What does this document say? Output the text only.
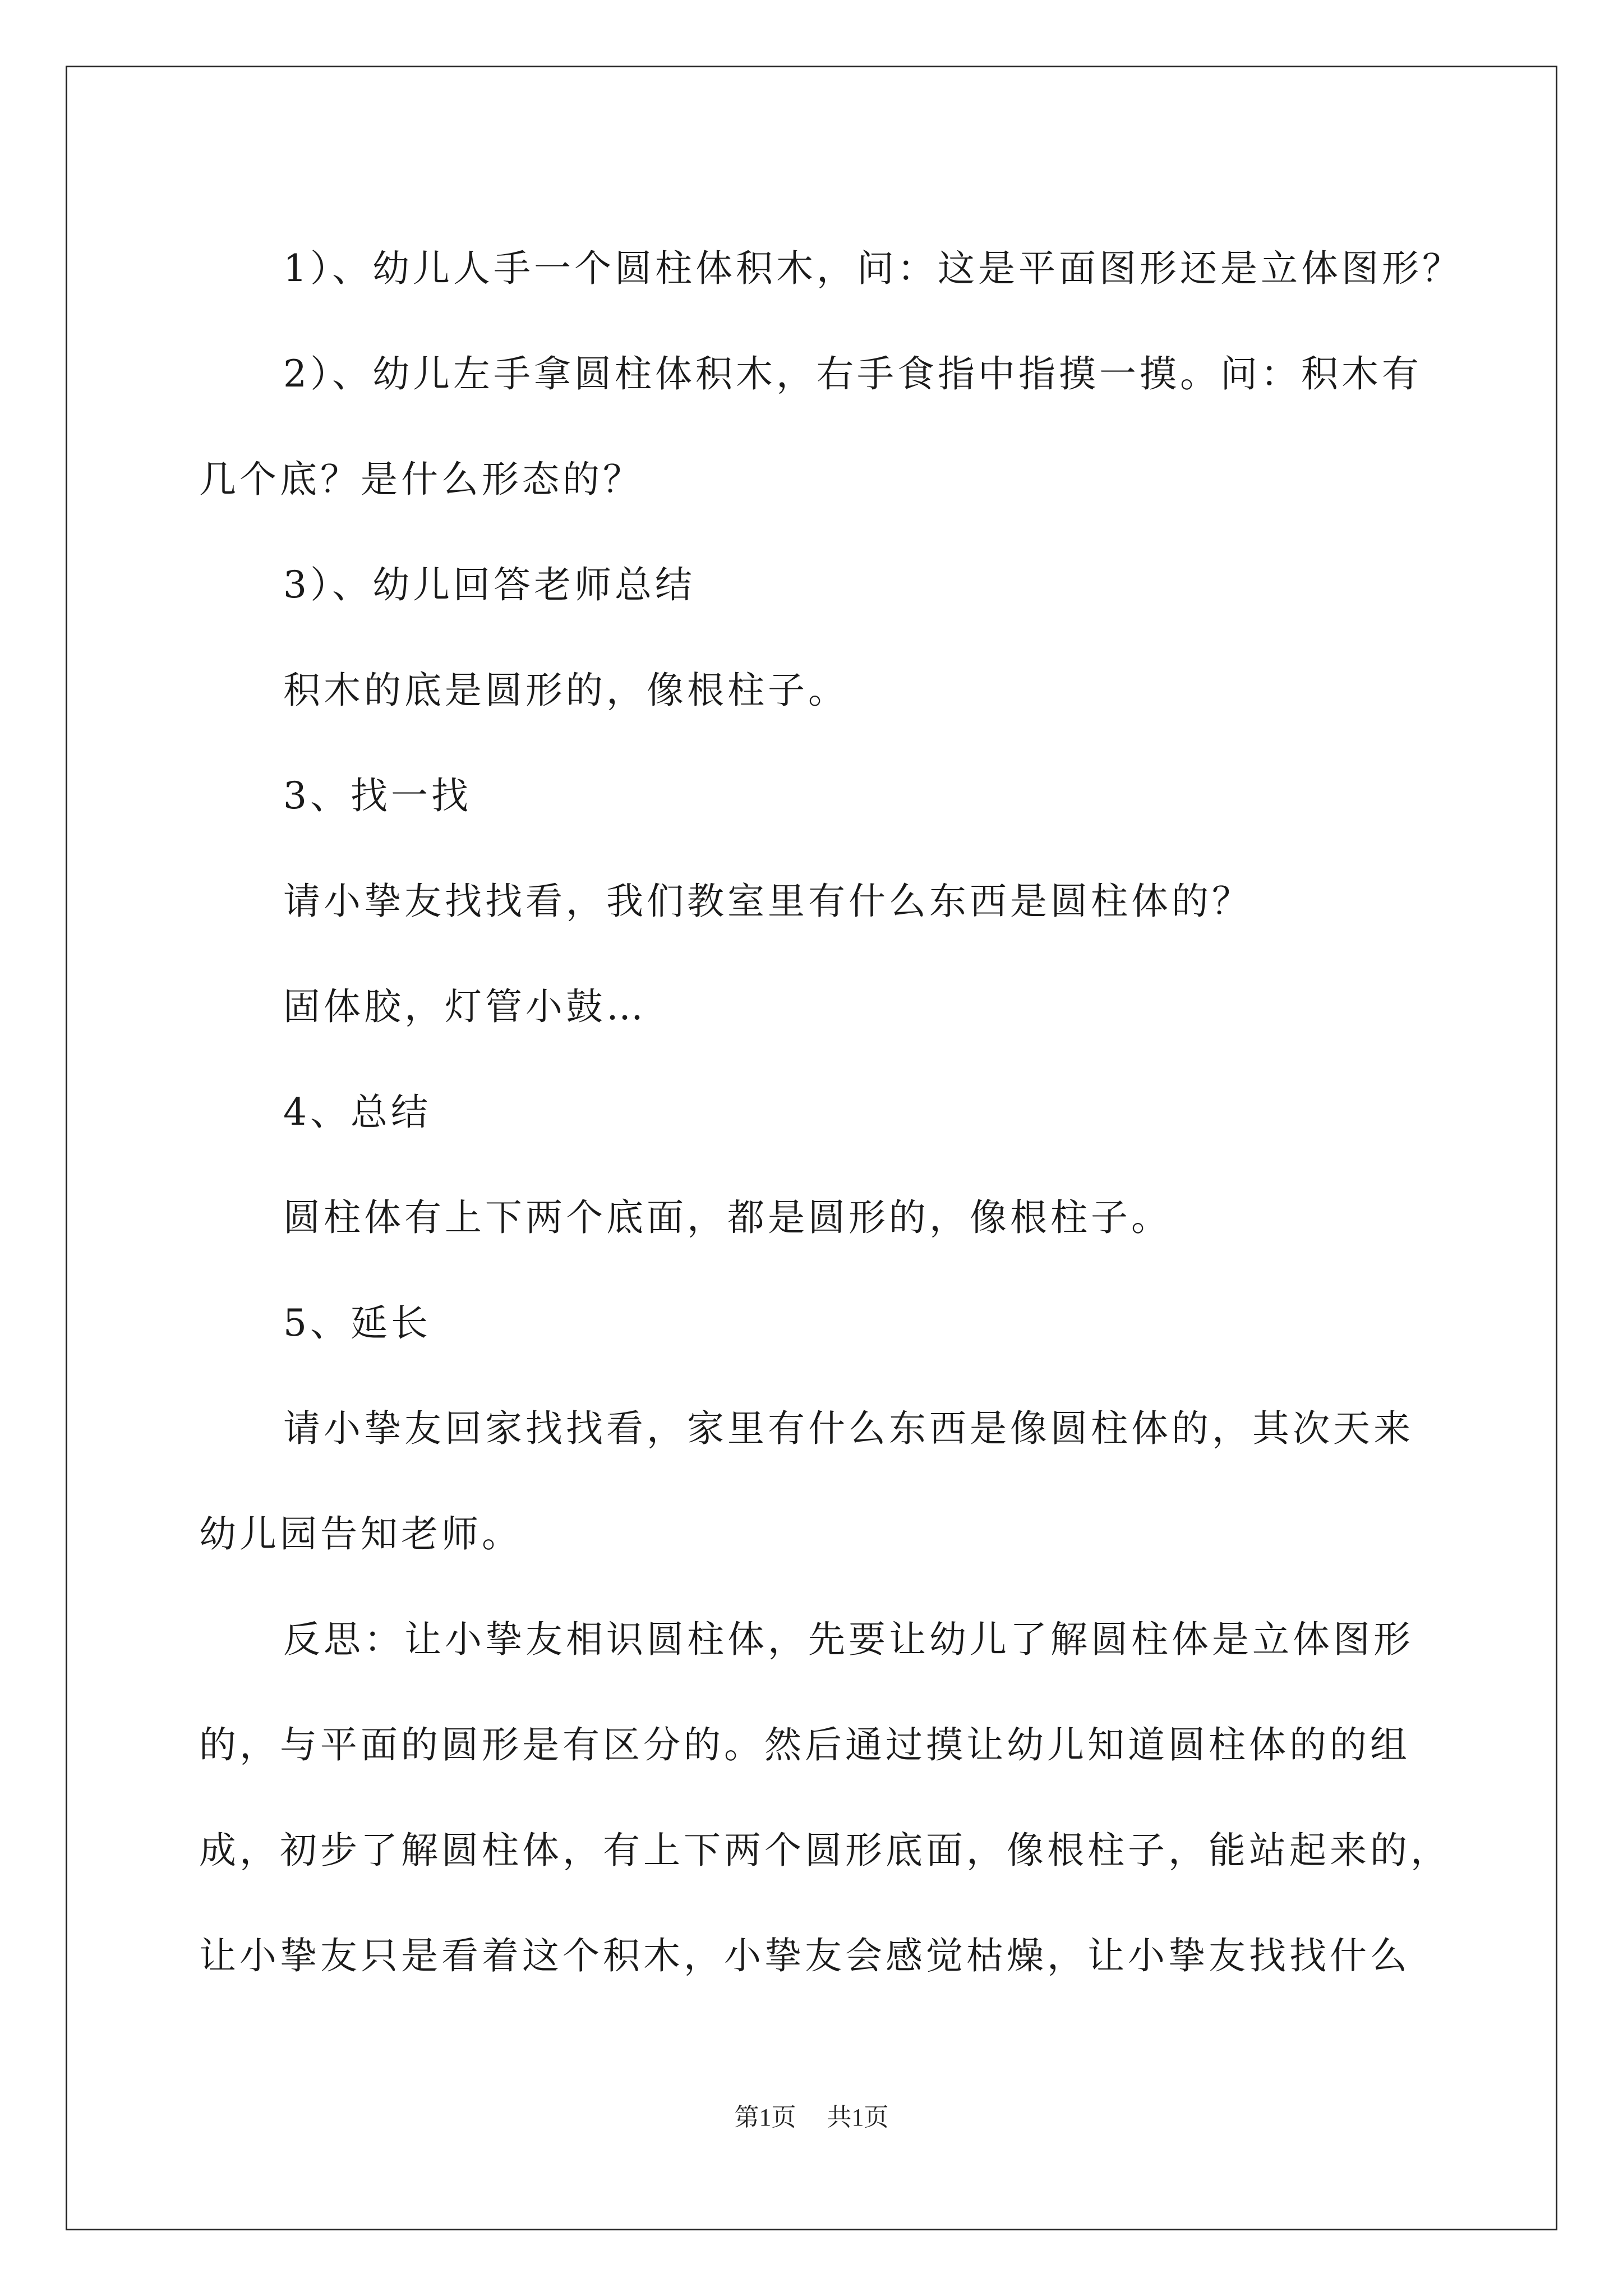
1）、幼儿人手一个圆柱体积木，问：这是平面图形还是立体图形？
2）、幼儿左手拿圆柱体积木，右手食指中指摸一摸。问：积木有
几个底？是什么形态的？
3）、幼儿回答老师总结
积木的底是圆形的，像根柱子。
3、找一找
请小挚友找找看，我们教室里有什么东西是圆柱体的？
固体胶，灯管小鼓…
4、总结
圆柱体有上下两个底面，都是圆形的，像根柱子。
5、延长
请小挚友回家找找看，家里有什么东西是像圆柱体的，其次天来
幼儿园告知老师。
反思：让小挚友相识圆柱体，先要让幼儿了解圆柱体是立体图形
的，与平面的圆形是有区分的。然后通过摸让幼儿知道圆柱体的的组
成，初步了解圆柱体，有上下两个圆形底面，像根柱子，能站起来的，
让小挚友只是看着这个积木，小挚友会感觉枯燥，让小挚友找找什么
第1页 共1页
